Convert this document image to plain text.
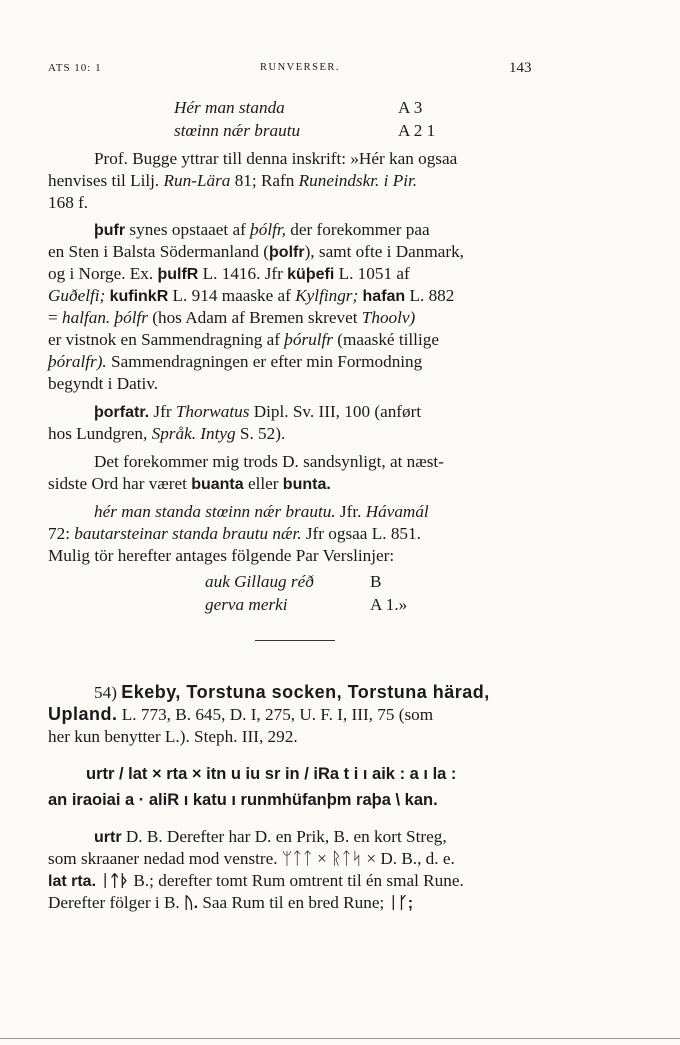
ATS 10: 1	RUNVERSER.	143
Hér man standa	A 3
stœinn nǽr brautu	A 2 1
Prof. Bugge yttrar till denna inskrift: »Hér kan ogsaa
henvises til Lilj. Run-Lära 81; Rafn Runeindskr. i Pir.
168 f.
þufr synes opstaaet af þólfr, der forekommer paa
en Sten i Balsta Södermanland (þolfr), samt ofte i Danmark,
og i Norge. Ex. þulfR L. 1416. Jfr küþefi L. 1051 af
Guðelfi; kufinkR L. 914 maaske af Kylfingr; hafan L. 882
= halfan. þólfr (hos Adam af Bremen skrevet Thoolv)
er vistnok en Sammendragning af þórulfr (maaské tillige
þóralfr). Sammendragningen er efter min Formodning
begyndt i Dativ.
þorfatr. Jfr Thorwatus Dipl. Sv. III, 100 (anført
hos Lundgren, Språk. Intyg S. 52).
Det forekommer mig trods D. sandsynligt, at næst-
sidste Ord har været buanta eller bunta.
hér man standa stœinn nǽr brautu. Jfr. Hávamál
72: bautarsteinar standa brautu nǽr. Jfr ogsaa L. 851.
Mulig tör herefter antages fölgende Par Verslinjer:
auk Gillaug réð	B
gerva merki	A 1.»
54) Ekeby, Torstuna socken, Torstuna härad,
Upland. L. 773, B. 645, D. I, 275, U. F. I, III, 75 (som
her kun benytter L.). Steph. III, 292.
urtr / lat × rta × itn u iu sr in / iRa t i ı aik : a ı la :
an iraoiai a · aliR ı katu ı runmhüfanþm raþa \ kan.
urtr D. B. Derefter har D. en Prik, B. en kort Streg,
som skraaner nedad mod venstre. ᛘᛏᛏ × ᚱᛏᛋ × D. B., d. e.
lat rta. ᛁᛏᚦ B.; derefter tomt Rum omtrent til én smal Rune.
Derefter fölger i B. ᚢ. Saa Rum til en bred Rune; ᛁᚴ;
